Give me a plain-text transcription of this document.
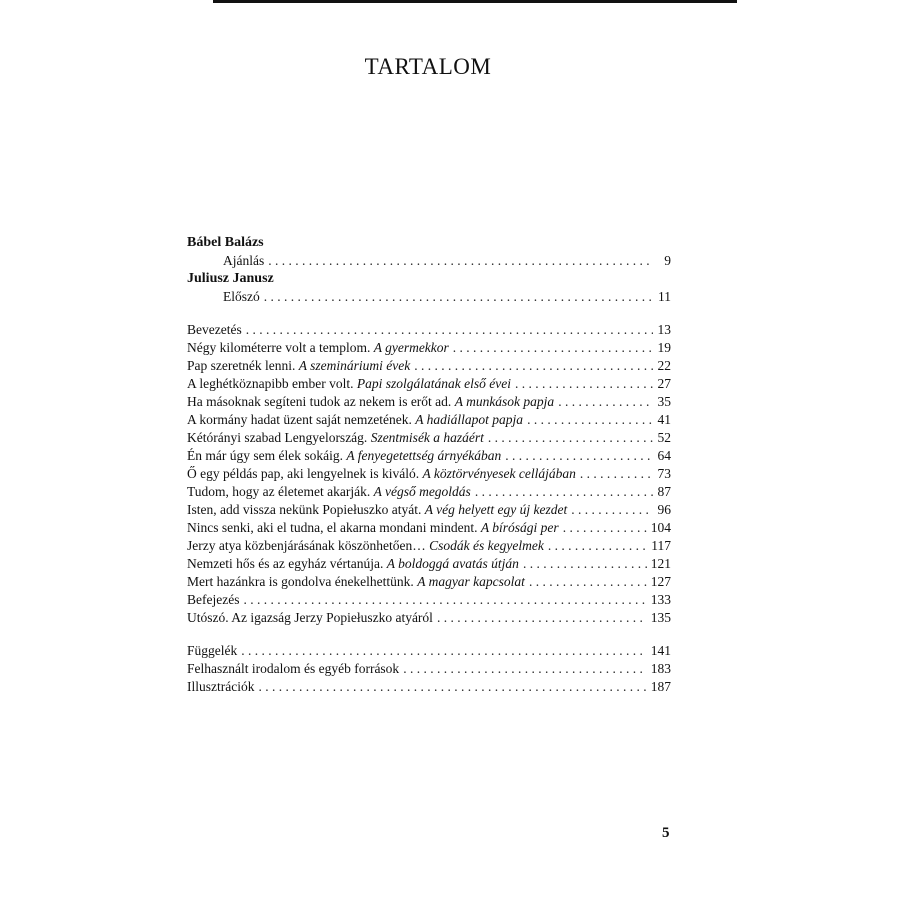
TARTALOM
Bábel Balázs
Ajánlás . . .	9
Juliusz Janusz
Előszó . . .	11
Bevezetés . . .	13
Négy kilométerre volt a templom. A gyermekkor . . .	19
Pap szeretnék lenni. A szemináriumi évek . . .	22
A leghétköznapibb ember volt. Papi szolgálatának első évei . . .	27
Ha másoknak segíteni tudok az nekem is erőt ad. A munkások papja . . .	35
A kormány hadat üzent saját nemzetének. A hadiállapot papja . . .	41
Kétórányi szabad Lengyelország. Szentmisék a hazáért . . .	52
Én már úgy sem élek sokáig. A fenyegetettség árnyékában . . .	64
Ő egy példás pap, aki lengyelnek is kiváló. A köztörvényesek cellájában . . .	73
Tudom, hogy az életemet akarják. A végső megoldás . . .	87
Isten, add vissza nekünk Popiełuszko atyát. A vég helyett egy új kezdet . . .	96
Nincs senki, aki el tudna, el akarna mondani mindent. A bírósági per . . .	104
Jerzy atya közbenjárásának köszönhetően… Csodák és kegyelmek . . .	117
Nemzeti hős és az egyház vértanúja. A boldoggá avatás útján . . .	121
Mert hazánkra is gondolva énekelhettünk. A magyar kapcsolat . . .	127
Befejezés . . .	133
Utószó. Az igazság Jerzy Popiełuszko atyáról . . .	135
Függelék . . .	141
Felhasznált irodalom és egyéb források . . .	183
Illusztrációk . . .	187
5
